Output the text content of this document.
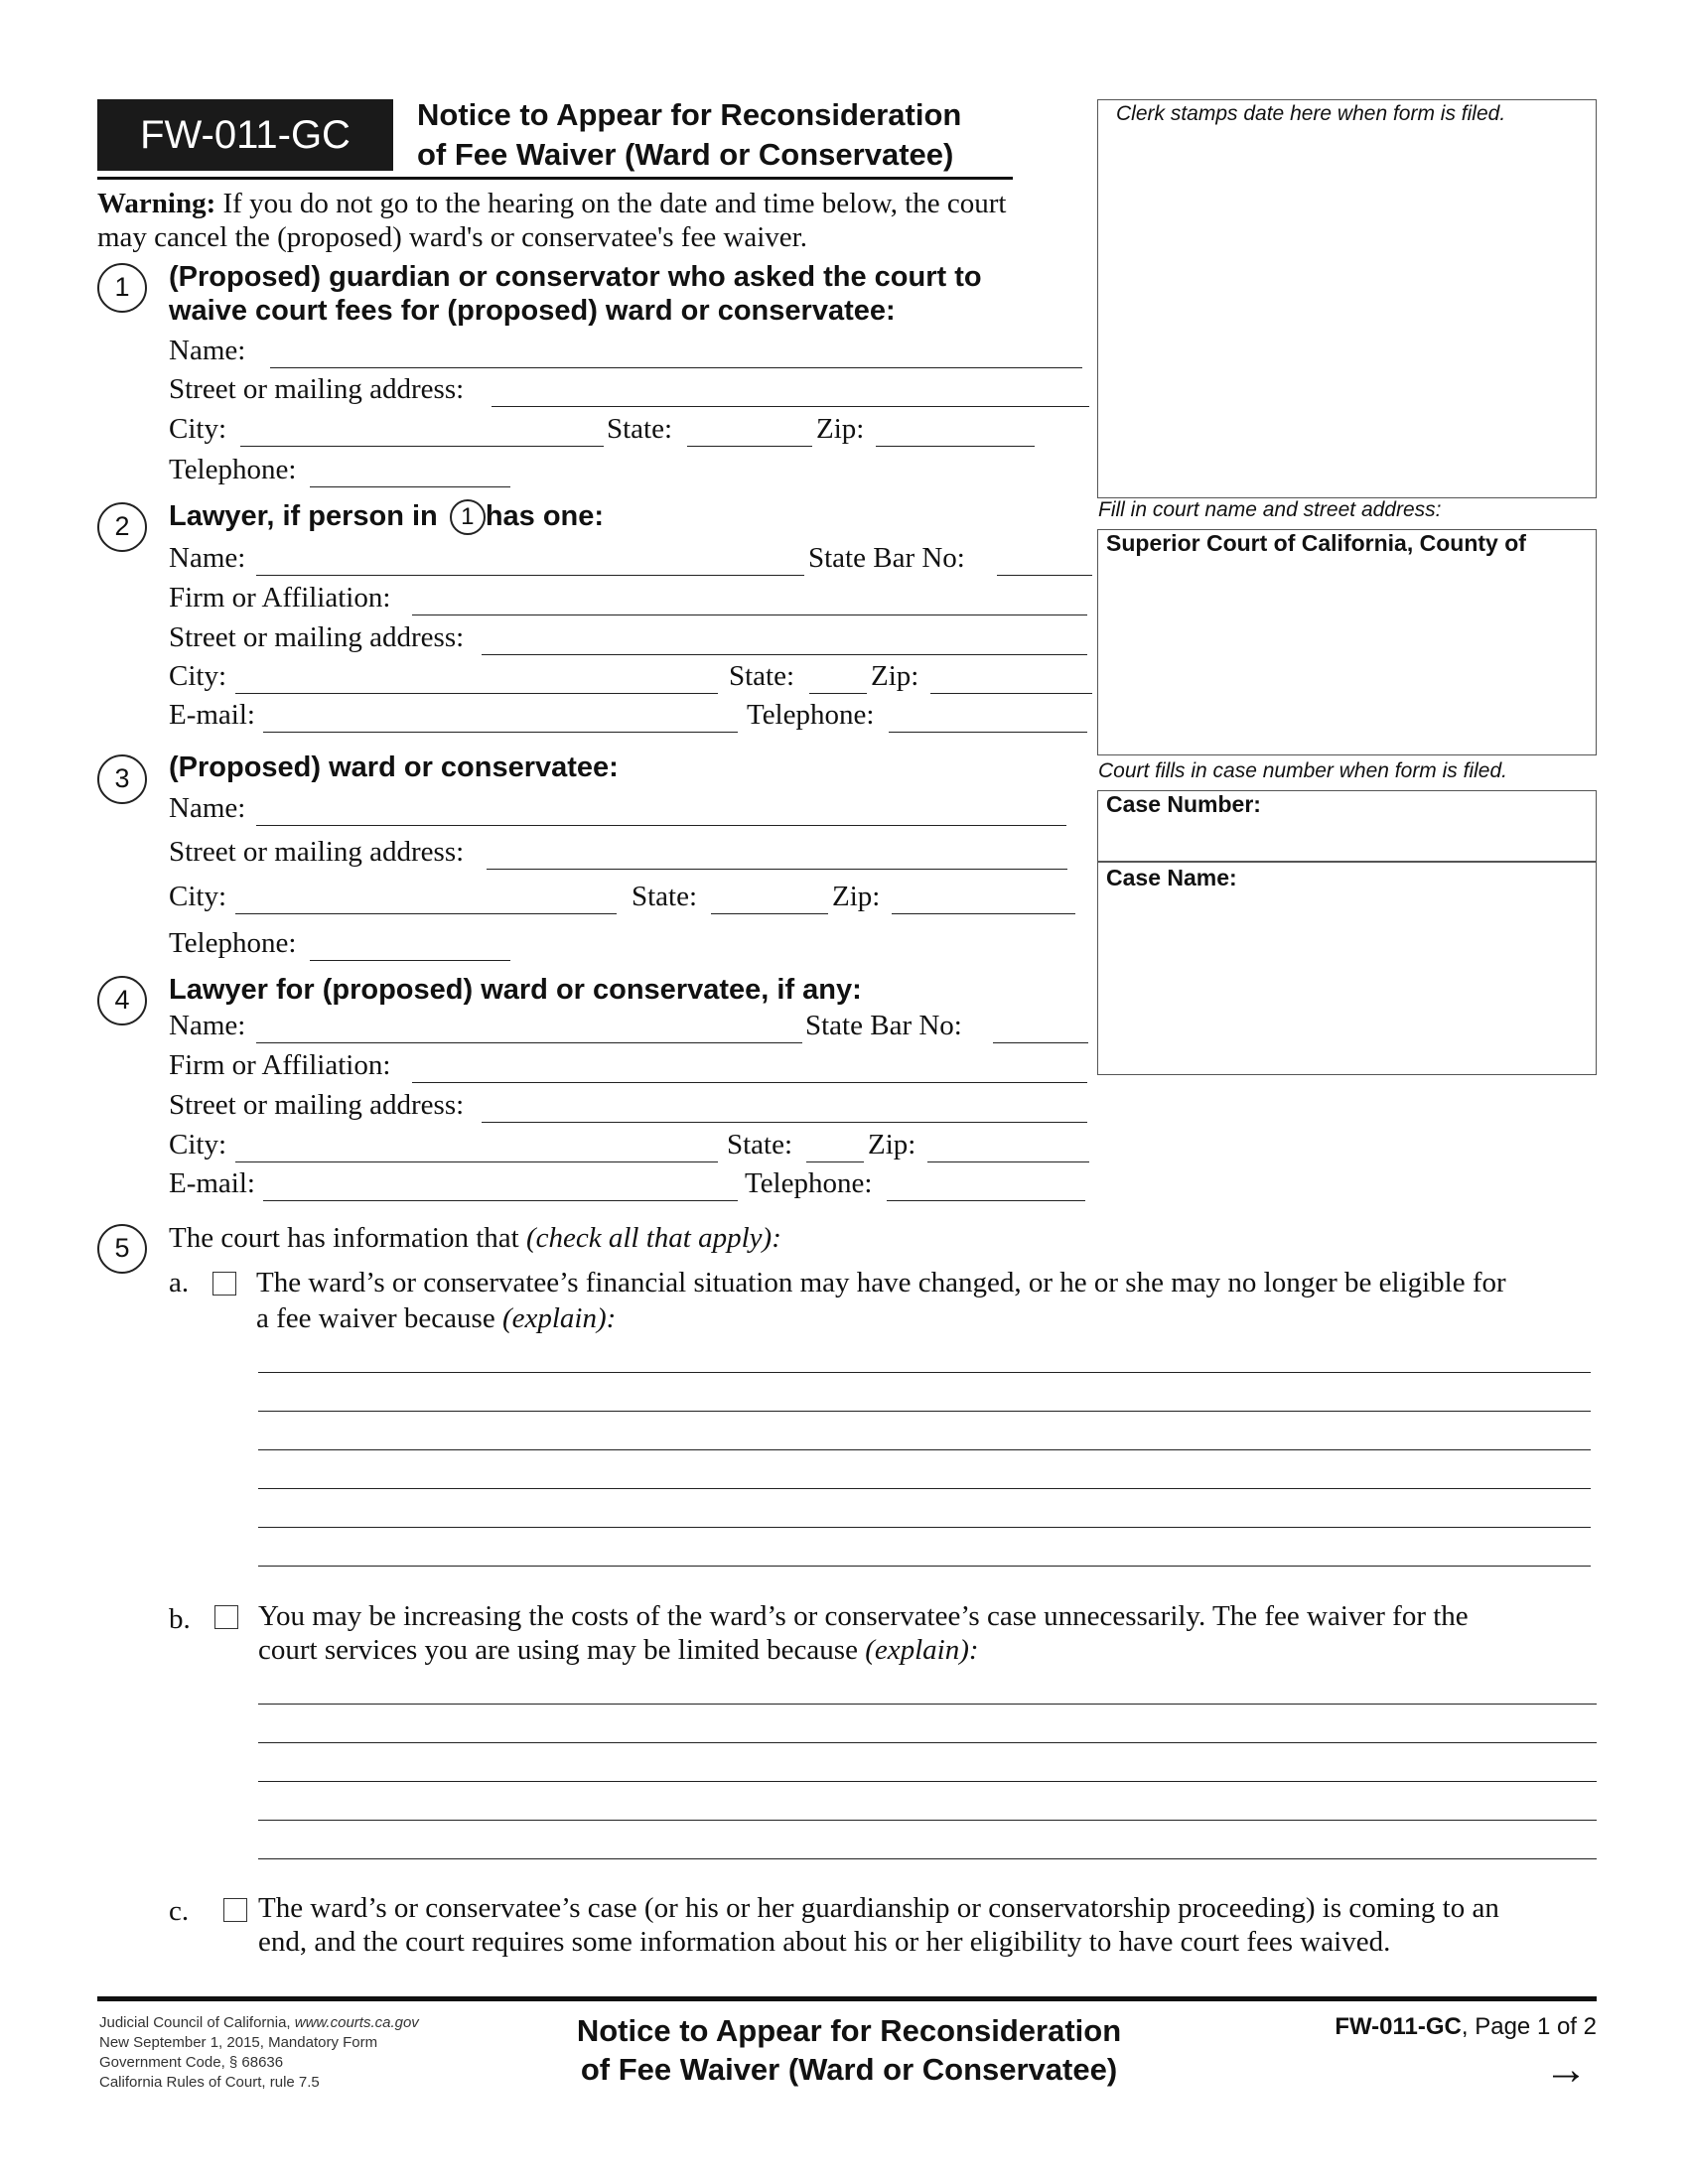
FW-011-GC	Notice to Appear for Reconsideration
of Fee Waiver (Ward or Conservatee)
Warning: If you do not go to the hearing on the date and time below, the court
may cancel the (proposed) ward's or conservatee's fee waiver.
Clerk stamps date here when form is filed.
Fill in court name and street address:
Superior Court of California, County of
Court fills in case number when form is filed.
Case Number:
Case Name:
1	(Proposed) guardian or conservator who asked the court to
waive court fees for (proposed) ward or conservatee:
Name:
Street or mailing address:
City:	State:	Zip:
Telephone:
2	Lawyer, if person in 1 has one:
Name:	State Bar No:
Firm or Affiliation:
Street or mailing address:
City:	State:	Zip:
E-mail:	Telephone:
3	(Proposed) ward or conservatee:
Name:
Street or mailing address:
City:	State:	Zip:
Telephone:
4	Lawyer for (proposed) ward or conservatee, if any:
Name:	State Bar No:
Firm or Affiliation:
Street or mailing address:
City:	State:	Zip:
E-mail:	Telephone:
5	The court has information that (check all that apply):
a. The ward’s or conservatee’s financial situation may have changed, or he or she may no longer be eligible for
a fee waiver because (explain):
b. You may be increasing the costs of the ward’s or conservatee’s case unnecessarily. The fee waiver for the
court services you are using may be limited because (explain):
c. The ward’s or conservatee’s case (or his or her guardianship or conservatorship proceeding) is coming to an
end, and the court requires some information about his or her eligibility to have court fees waived.
Judicial Council of California, www.courts.ca.gov
New September 1, 2015, Mandatory Form
Government Code, § 68636
California Rules of Court, rule 7.5
Notice to Appear for Reconsideration
of Fee Waiver (Ward or Conservatee)
FW-011-GC, Page 1 of 2
→
